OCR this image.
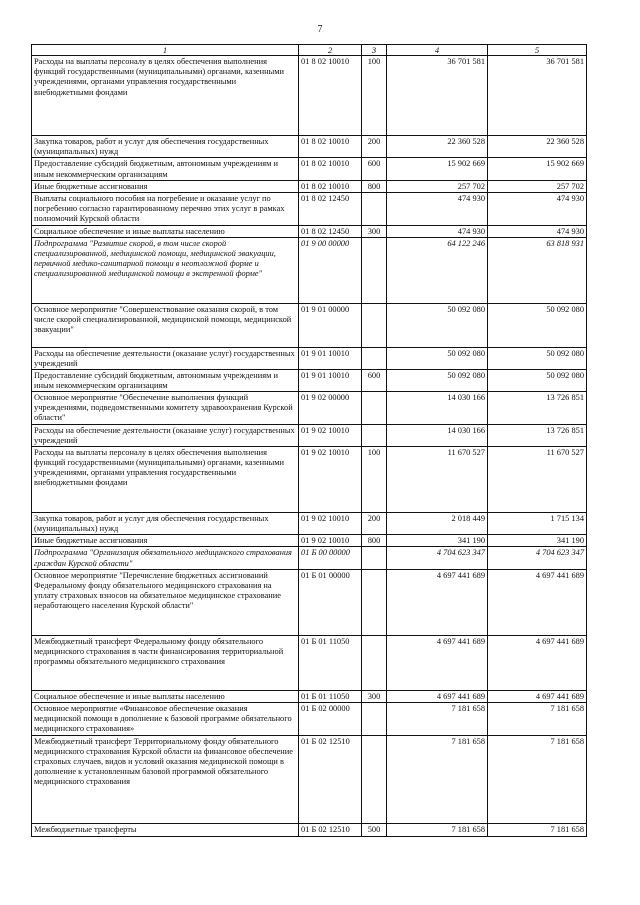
7
1	2	3	4	5
Расходы на выплаты персоналу в целях обеспечения выполнения функций государственными (муниципальными) органами, казенными учреждениями, органами управления государственными внебюджетными фондами	01 8 02 10010	100	36 701 581	36 701 581
Закупка товаров, работ и услуг для обеспечения государственных (муниципальных) нужд	01 8 02 10010	200	22 360 528	22 360 528
Предоставление субсидий бюджетным, автономным учреждениям и иным некоммерческим организациям	01 8 02 10010	600	15 902 669	15 902 669
Иные бюджетные ассигнования	01 8 02 10010	800	257 702	257 702
Выплаты социального пособия на погребение и оказание услуг по погребению согласно гарантированному перечню этих услуг в рамках полномочий Курской области	01 8 02 12450		474 930	474 930
Социальное обеспечение и иные выплаты населению	01 8 02 12450	300	474 930	474 930
Подпрограмма "Развитие скорой, в том числе скорой специализированной, медицинской помощи, медицинской эвакуации, первичной медико-санитарной помощи в неотложной форме и специализированной медицинской помощи в экстренной форме"	01 9 00 00000		64 122 246	63 818 931
Основное мероприятие "Совершенствование оказания скорой, в том числе скорой специализированной, медицинской помощи, медицинской эвакуации"	01 9 01 00000		50 092 080	50 092 080
Расходы на обеспечение деятельности (оказание услуг) государственных учреждений	01 9 01 10010		50 092 080	50 092 080
Предоставление субсидий бюджетным, автономным учреждениям и иным некоммерческим организациям	01 9 01 10010	600	50 092 080	50 092 080
Основное мероприятие "Обеспечение выполнения функций учреждениями, подведомственными комитету здравоохранения Курской области"	01 9 02 00000		14 030 166	13 726 851
Расходы на обеспечение деятельности (оказание услуг) государственных учреждений	01 9 02 10010		14 030 166	13 726 851
Расходы на выплаты персоналу в целях обеспечения выполнения функций государственными (муниципальными) органами, казенными учреждениями, органами управления государственными внебюджетными фондами	01 9 02 10010	100	11 670 527	11 670 527
Закупка товаров, работ и услуг для обеспечения государственных (муниципальных) нужд	01 9 02 10010	200	2 018 449	1 715 134
Иные бюджетные ассигнования	01 9 02 10010	800	341 190	341 190
Подпрограмма "Организация обязательного медицинского страхования граждан Курской области"	01 Б 00 00000		4 704 623 347	4 704 623 347
Основное мероприятие "Перечисление бюджетных ассигнований Федеральному фонду обязательного медицинского страхования на уплату страховых взносов на обязательное медицинское страхование неработающего населения Курской области"	01 Б 01 00000		4 697 441 689	4 697 441 689
Межбюджетный трансферт Федеральному фонду обязательного медицинского страхования в части финансирования территориальной программы обязательного медицинского страхования	01 Б 01 11050		4 697 441 689	4 697 441 689
Социальное обеспечение и иные выплаты населению	01 Б 01 11050	300	4 697 441 689	4 697 441 689
Основное мероприятие «Финансовое обеспечение оказания медицинской помощи в дополнение к базовой программе обязательного медицинского страхования»	01 Б 02 00000		7 181 658	7 181 658
Межбюджетный трансферт Территориальному фонду обязательного медицинского страхования Курской области на финансовое обеспечение страховых случаев, видов и условий оказания медицинской помощи в дополнение к установленным базовой программой обязательного медицинского страхования	01 Б 02 12510		7 181 658	7 181 658
Межбюджетные трансферты	01 Б 02 12510	500	7 181 658	7 181 658
